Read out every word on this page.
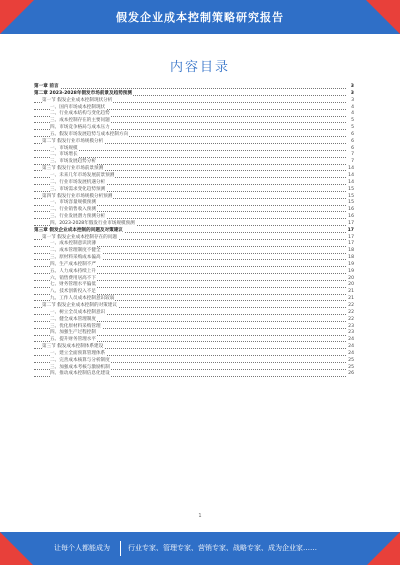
假发企业成本控制策略研究报告
内容目录
第一章 前言	3
第二章 2023-2028年假发市场前景及趋势预测	3
第一节 假发企业成本控制现状分析	3
一、国内市场成本控制现状	4
二、行业成本结构与变化趋势	4
三、成本控制存在的主要问题	5
四、市场竞争格局与成本压力	5
五、假发市场发展趋势与成本控制方向	6
第二节 假发行业市场规模分析	6
一、市场规模	6
二、市场增长	7
三、市场发展趋势分析	7
第三节 假发行业市场前景预测	14
一、未来几年市场发展前景预测	14
二、行业市场发展机遇分析	14
三、市场需求变化趋势预测	15
第四节 假发行业市场规模分析预测	15
一、市场容量规模预测	15
二、行业销售收入预测	16
三、行业发展潜力预测分析	16
四、2023-2028年假发行业市场规模预测	17
第三章 假发企业成本控制的问题及对策建议	17
第一节 假发企业成本控制存在的问题	17
一、成本控制意识淡薄	17
二、成本管理制度不健全	18
三、原材料采购成本偏高	18
四、生产成本控制不严	19
五、人力成本持续上升	19
六、销售费用居高不下	20
七、财务管理水平偏低	20
八、技术创新投入不足	21
九、工作人员成本控制意识较弱	21
第二节 假发企业成本控制的对策建议	22
一、树立全员成本控制意识	22
二、健全成本管理制度	22
三、优化原材料采购管理	23
四、加强生产过程控制	23
五、提升财务管理水平	24
第三节 假发成本控制体系建设	24
一、建立全面预算管理体系	24
二、完善成本核算与分析制度	25
三、加强成本考核与激励机制	25
四、推动成本控制信息化建设	26
1
让每个人都能成为	行业专家、管理专家、营销专家、战略专家、成为企业家……
